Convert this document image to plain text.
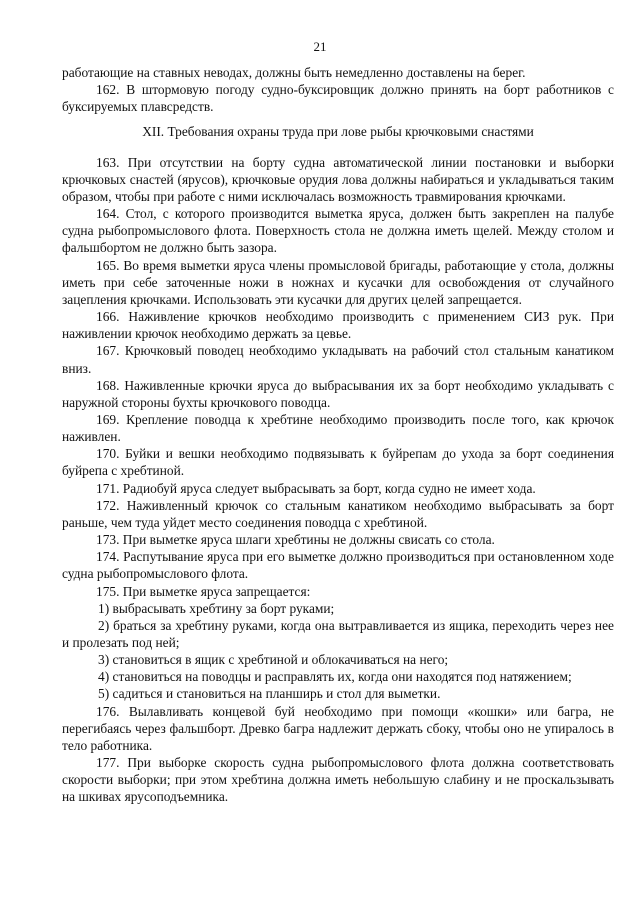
21

работающие на ставных неводах, должны быть немедленно доставлены на берег.

162. В штормовую погоду судно-буксировщик должно принять на борт работников с буксируемых плавсредств.

XII. Требования охраны труда при лове рыбы крючковыми снастями

163. При отсутствии на борту судна автоматической линии постановки и выборки крючковых снастей (ярусов), крючковые орудия лова должны набираться и укладываться таким образом, чтобы при работе с ними исключалась возможность травмирования крючками.

164. Стол, с которого производится выметка яруса, должен быть закреплен на палубе судна рыбопромыслового флота. Поверхность стола не должна иметь щелей. Между столом и фальшбортом не должно быть зазора.

165. Во время выметки яруса члены промысловой бригады, работающие у стола, должны иметь при себе заточенные ножи в ножнах и кусачки для освобождения от случайного зацепления крючками. Использовать эти кусачки для других целей запрещается.

166. Наживление крючков необходимо производить с применением СИЗ рук. При наживлении крючок необходимо держать за цевье.

167. Крючковый поводец необходимо укладывать на рабочий стол стальным канатиком вниз.

168. Наживленные крючки яруса до выбрасывания их за борт необходимо укладывать с наружной стороны бухты крючкового поводца.

169. Крепление поводца к хребтине необходимо производить после того, как крючок наживлен.

170. Буйки и вешки необходимо подвязывать к буйрепам до ухода за борт соединения буйрепа с хребтиной.

171. Радиобуй яруса следует выбрасывать за борт, когда судно не имеет хода.

172. Наживленный крючок со стальным канатиком необходимо выбрасывать за борт раньше, чем туда уйдет место соединения поводца с хребтиной.

173. При выметке яруса шлаги хребтины не должны свисать со стола.

174. Распутывание яруса при его выметке должно производиться при остановленном ходе судна рыбопромыслового флота.

175. При выметке яруса запрещается:

1) выбрасывать хребтину за борт руками;

2) браться за хребтину руками, когда она вытравливается из ящика, переходить через нее и пролезать под ней;

3) становиться в ящик с хребтиной и облокачиваться на него;

4) становиться на поводцы и расправлять их, когда они находятся под натяжением;

5) садиться и становиться на планширь и стол для выметки.

176. Вылавливать концевой буй необходимо при помощи «кошки» или багра, не перегибаясь через фальшборт. Древко багра надлежит держать сбоку, чтобы оно не упиралось в тело работника.

177. При выборке скорость судна рыбопромыслового флота должна соответствовать скорости выборки; при этом хребтина должна иметь небольшую слабину и не проскальзывать на шкивах ярусоподъемника.
